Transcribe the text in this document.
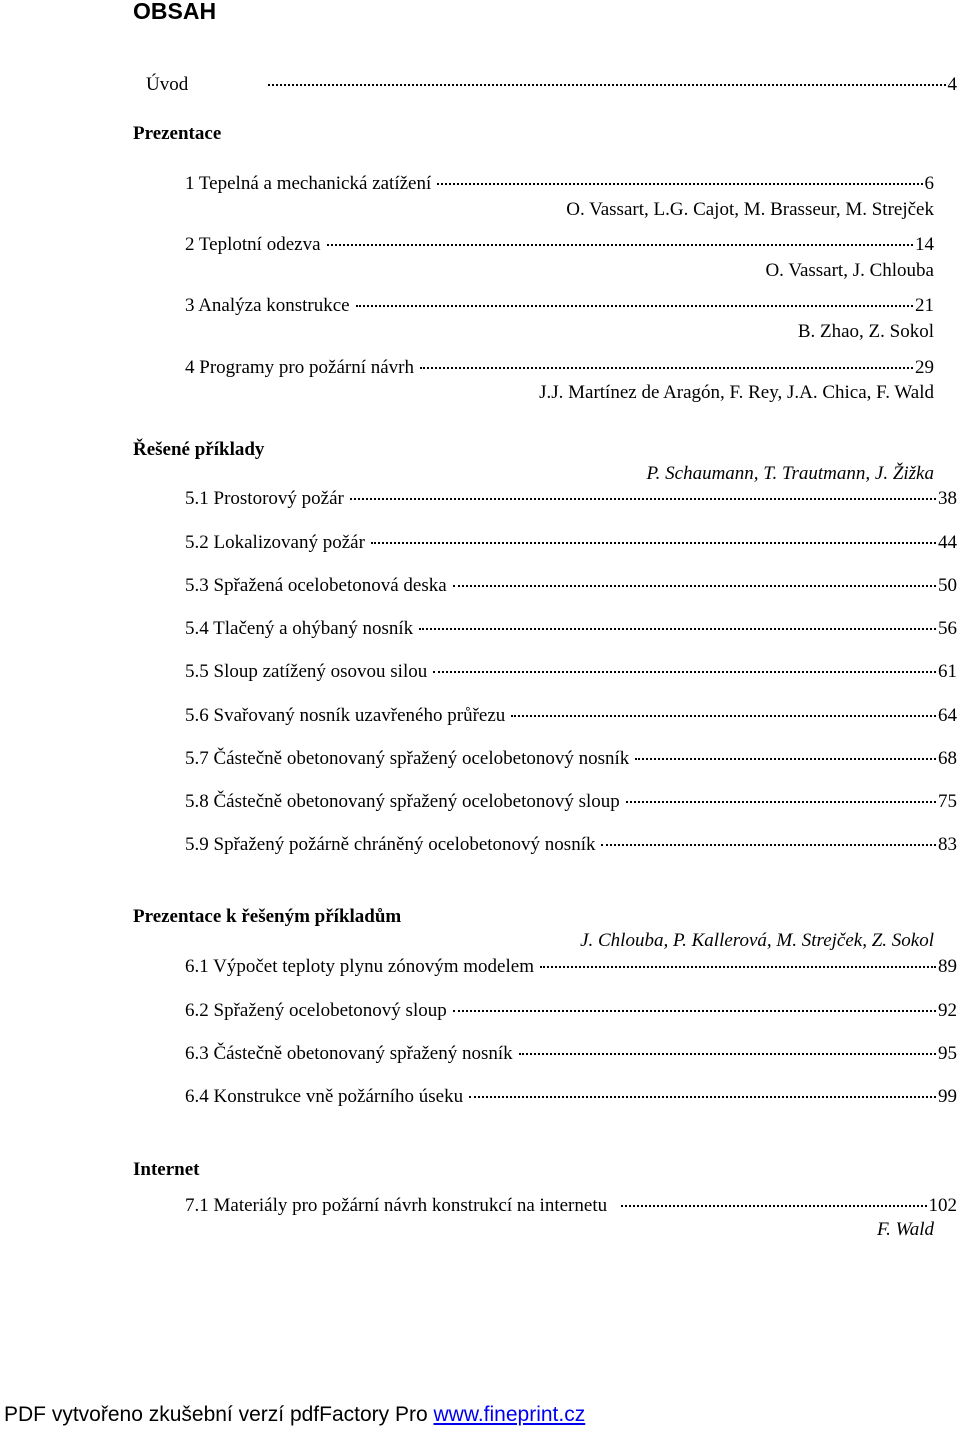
OBSAH
Úvod	4
Prezentace
1 Tepelná a mechanická zatížení	6
O. Vassart, L.G. Cajot, M. Brasseur, M. Strejček
2 Teplotní odezva	14
O. Vassart, J. Chlouba
3 Analýza konstrukce	21
B. Zhao, Z. Sokol
4 Programy pro požární návrh	29
J.J. Martínez de Aragón, F. Rey, J.A. Chica, F. Wald
Řešené příklady
P. Schaumann, T. Trautmann, J. Žižka
5.1 Prostorový požár	38
5.2 Lokalizovaný požár	44
5.3 Spřažená ocelobetonová deska	50
5.4 Tlačený a ohýbaný nosník	56
5.5 Sloup zatížený osovou silou	61
5.6 Svařovaný nosník uzavřeného průřezu	64
5.7 Částečně obetonovaný spřažený ocelobetonový nosník	68
5.8 Částečně obetonovaný spřažený ocelobetonový sloup	75
5.9 Spřažený požárně chráněný ocelobetonový nosník	83
Prezentace k řešeným příkladům
J. Chlouba, P. Kallerová, M. Strejček, Z. Sokol
6.1 Výpočet teploty plynu zónovým modelem	89
6.2 Spřažený ocelobetonový sloup	92
6.3 Částečně obetonovaný spřažený nosník	95
6.4 Konstrukce vně požárního úseku	99
Internet
7.1 Materiály pro požární návrh konstrukcí na internetu	102
F. Wald
PDF vytvořeno zkušební verzí pdfFactory Pro www.fineprint.cz
